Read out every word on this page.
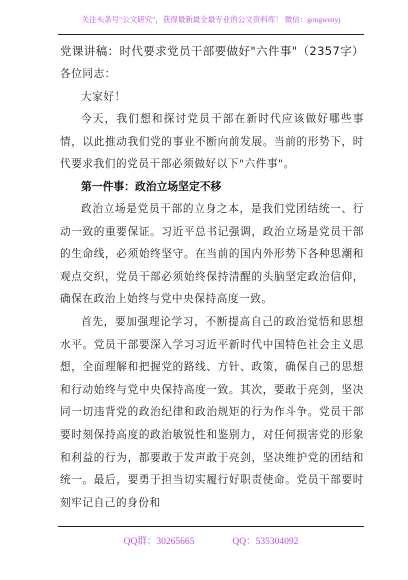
关注头条号"公文研究"，获得最新最全最专业的公文资料库！ 微信：gongwenyj

党课讲稿：时代要求党员干部要做好"六件事"（2357字）

各位同志：

大家好！

今天，我们想和探讨党员干部在新时代应该做好哪些事情，以此推动我们党的事业不断向前发展。当前的形势下，时代要求我们的党员干部必须做好以下"六件事"。

第一件事：政治立场坚定不移

政治立场是党员干部的立身之本，是我们党团结统一、行动一致的重要保证。习近平总书记强调，政治立场是党员干部的生命线，必须始终坚守。在当前的国内外形势下各种思潮和观点交织，党员干部必须始终保持清醒的头脑坚定政治信仰，确保在政治上始终与党中央保持高度一致。

首先，要加强理论学习，不断提高自己的政治觉悟和思想水平。党员干部要深入学习习近平新时代中国特色社会主义思想，全面理解和把握党的路线、方针、政策，确保自己的思想和行动始终与党中央保持高度一致。其次，要敢于亮剑，坚决同一切违背党的政治纪律和政治规矩的行为作斗争。党员干部要时刻保持高度的政治敏锐性和鉴别力，对任何损害党的形象和利益的行为，都要敢于发声敢于亮剑，坚决维护党的团结和统一。最后，要勇于担当切实履行好职责使命。党员干部要时刻牢记自己的身份和

QQ群：30265665	QQ：535304092
